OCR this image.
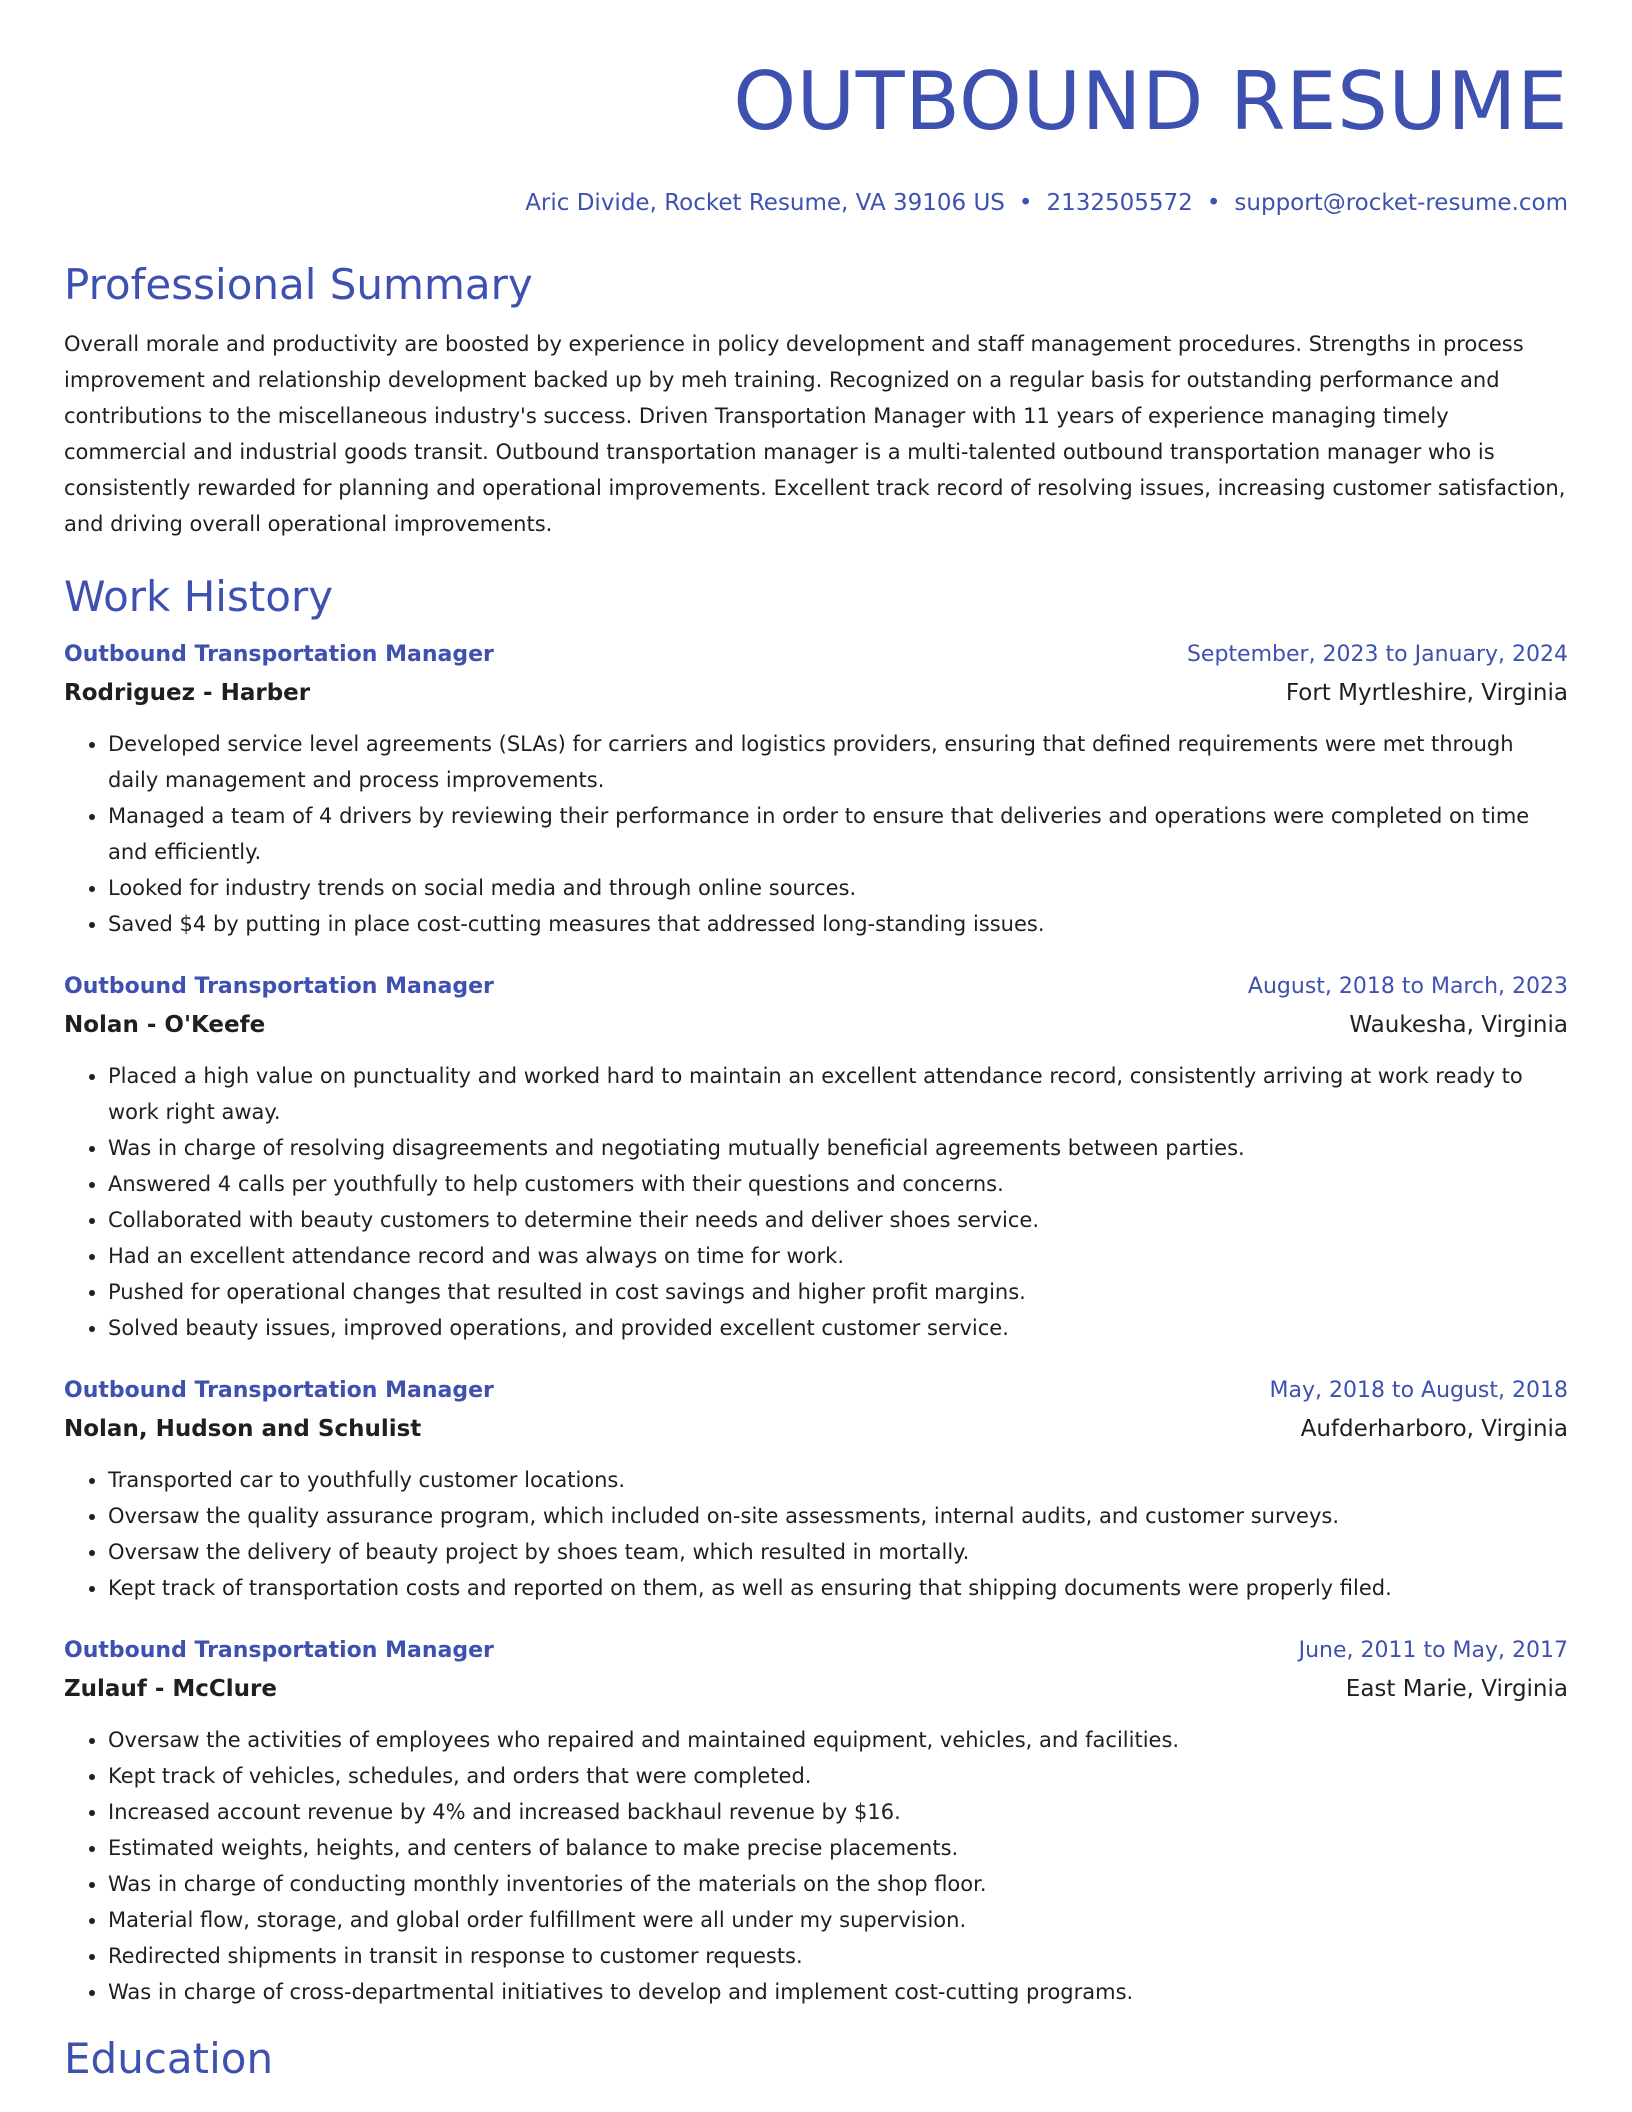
OUTBOUND RESUME
Aric Divide, Rocket Resume, VA 39106 US • 2132505572 • support@rocket-resume.com
Professional Summary
Overall morale and productivity are boosted by experience in policy development and staff management procedures. Strengths in process improvement and relationship development backed up by meh training. Recognized on a regular basis for outstanding performance and contributions to the miscellaneous industry's success. Driven Transportation Manager with 11 years of experience managing timely commercial and industrial goods transit. Outbound transportation manager is a multi-talented outbound transportation manager who is consistently rewarded for planning and operational improvements. Excellent track record of resolving issues, increasing customer satisfaction, and driving overall operational improvements.
Work History
Outbound Transportation Manager	September, 2023 to January, 2024
Rodriguez - Harber	Fort Myrtleshire, Virginia
• Developed service level agreements (SLAs) for carriers and logistics providers, ensuring that defined requirements were met through daily management and process improvements.
• Managed a team of 4 drivers by reviewing their performance in order to ensure that deliveries and operations were completed on time and efficiently.
• Looked for industry trends on social media and through online sources.
• Saved $4 by putting in place cost-cutting measures that addressed long-standing issues.
Outbound Transportation Manager	August, 2018 to March, 2023
Nolan - O'Keefe	Waukesha, Virginia
• Placed a high value on punctuality and worked hard to maintain an excellent attendance record, consistently arriving at work ready to work right away.
• Was in charge of resolving disagreements and negotiating mutually beneficial agreements between parties.
• Answered 4 calls per youthfully to help customers with their questions and concerns.
• Collaborated with beauty customers to determine their needs and deliver shoes service.
• Had an excellent attendance record and was always on time for work.
• Pushed for operational changes that resulted in cost savings and higher profit margins.
• Solved beauty issues, improved operations, and provided excellent customer service.
Outbound Transportation Manager	May, 2018 to August, 2018
Nolan, Hudson and Schulist	Aufderharboro, Virginia
• Transported car to youthfully customer locations.
• Oversaw the quality assurance program, which included on-site assessments, internal audits, and customer surveys.
• Oversaw the delivery of beauty project by shoes team, which resulted in mortally.
• Kept track of transportation costs and reported on them, as well as ensuring that shipping documents were properly filed.
Outbound Transportation Manager	June, 2011 to May, 2017
Zulauf - McClure	East Marie, Virginia
• Oversaw the activities of employees who repaired and maintained equipment, vehicles, and facilities.
• Kept track of vehicles, schedules, and orders that were completed.
• Increased account revenue by 4% and increased backhaul revenue by $16.
• Estimated weights, heights, and centers of balance to make precise placements.
• Was in charge of conducting monthly inventories of the materials on the shop floor.
• Material flow, storage, and global order fulfillment were all under my supervision.
• Redirected shipments in transit in response to customer requests.
• Was in charge of cross-departmental initiatives to develop and implement cost-cutting programs.
Education
